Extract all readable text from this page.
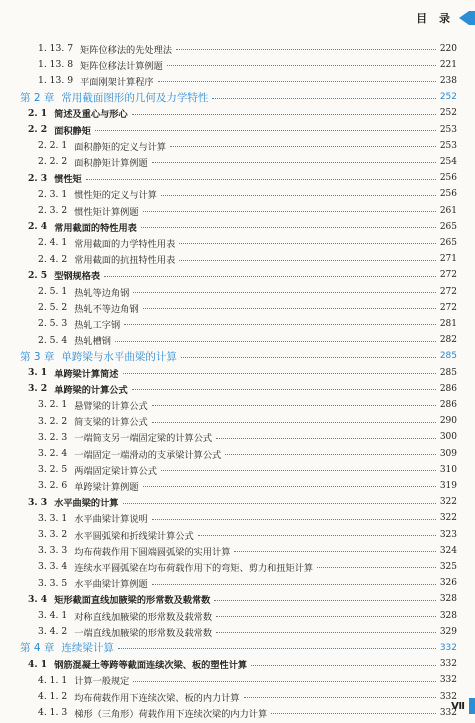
目 录
1. 13. 7 矩阵位移法的先处理法	220
1. 13. 8 矩阵位移法计算例题	221
1. 13. 9 平面刚架计算程序	238
第 2 章 常用截面图形的几何及力学特性	252
2. 1 简述及重心与形心	252
2. 2 面积静矩	253
2. 2. 1 面积静矩的定义与计算	253
2. 2. 2 面积静矩计算例题	254
2. 3 惯性矩	256
2. 3. 1 惯性矩的定义与计算	256
2. 3. 2 惯性矩计算例题	261
2. 4 常用截面的特性用表	265
2. 4. 1 常用截面的力学特性用表	265
2. 4. 2 常用截面的抗扭特性用表	271
2. 5 型钢规格表	272
2. 5. 1 热轧等边角钢	272
2. 5. 2 热轧不等边角钢	272
2. 5. 3 热轧工字钢	281
2. 5. 4 热轧槽钢	282
第 3 章 单跨梁与水平曲梁的计算	285
3. 1 单跨梁计算简述	285
3. 2 单跨梁的计算公式	286
3. 2. 1 悬臂梁的计算公式	286
3. 2. 2 简支梁的计算公式	290
3. 2. 3 一端简支另一端固定梁的计算公式	300
3. 2. 4 一端固定一端滑动的支承梁计算公式	309
3. 2. 5 两端固定梁计算公式	310
3. 2. 6 单跨梁计算例题	319
3. 3 水平曲梁的计算	322
3. 3. 1 水平曲梁计算说明	322
3. 3. 2 水平圆弧梁和折线梁计算公式	323
3. 3. 3 均布荷载作用下圆端圆弧梁的实用计算	324
3. 3. 4 连续水平圆弧梁在均布荷载作用下的弯矩、剪力和扭矩计算	325
3. 3. 5 水平曲梁计算例题	326
3. 4 矩形截面直线加腋梁的形常数及载常数	328
3. 4. 1 对称直线加腋梁的形常数及载常数	328
3. 4. 2 一端直线加腋梁的形常数及载常数	329
第 4 章 连续梁计算	332
4. 1 钢筋混凝土等跨等截面连续次梁、板的塑性计算	332
4. 1. 1 计算一般规定	332
4. 1. 2 均布荷载作用下连续次梁、板的内力计算	332
4. 1. 3 梯形（三角形）荷载作用下连续次梁的内力计算	332
Ⅶ
